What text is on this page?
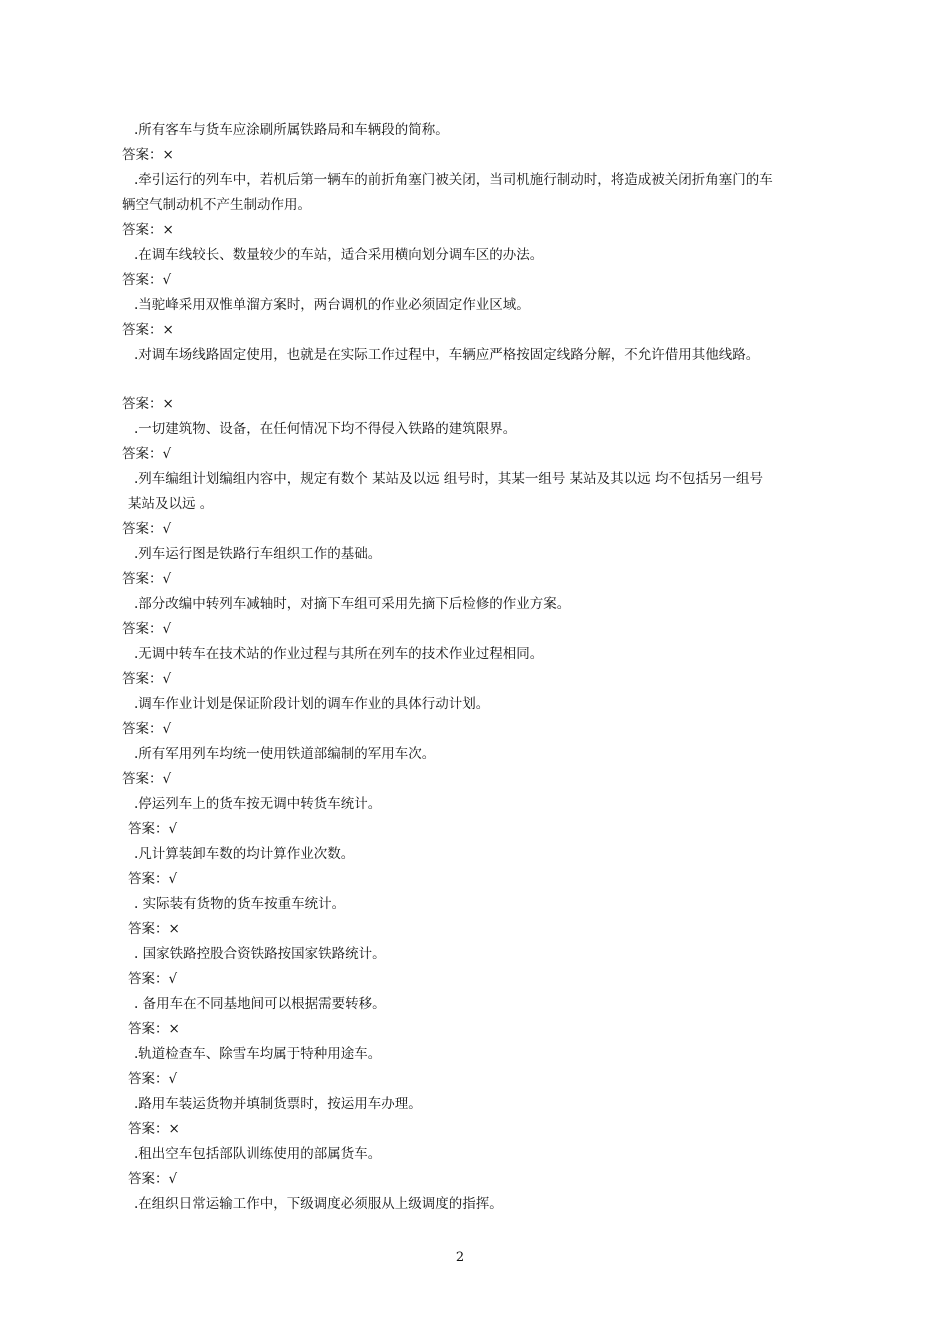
.所有客车与货车应涂刷所属铁路局和车辆段的简称。

答案：×

.牵引运行的列车中，若机后第一辆车的前折角塞门被关闭，当司机施行制动时，将造成被关闭折角塞门的车

辆空气制动机不产生制动作用。

答案：×

.在调车线较长、数量较少的车站，适合采用横向划分调车区的办法。

答案：√

.当驼峰采用双惟单溜方案时，两台调机的作业必须固定作业区域。

答案：×

.对调车场线路固定使用，也就是在实际工作过程中，车辆应严格按固定线路分解，不允许借用其他线路。

答案：×

.一切建筑物、设备，在任何情况下均不得侵入铁路的建筑限界。

答案：√

.列车编组计划编组内容中，规定有数个 某站及以远 组号时，其某一组号 某站及其以远 均不包括另一组号

某站及以远 。

答案：√

.列车运行图是铁路行车组织工作的基础。

答案：√

.部分改编中转列车减轴时，对摘下车组可采用先摘下后检修的作业方案。

答案：√

.无调中转车在技术站的作业过程与其所在列车的技术作业过程相同。

答案：√

.调车作业计划是保证阶段计划的调车作业的具体行动计划。

答案：√

.所有军用列车均统一使用铁道部编制的军用车次。

答案：√

.停运列车上的货车按无调中转货车统计。

答案：√

.凡计算装卸车数的均计算作业次数。

答案：√

. 实际装有货物的货车按重车统计。

答案：×

. 国家铁路控股合资铁路按国家铁路统计。

答案：√

. 备用车在不同基地间可以根据需要转移。

答案：×

.轨道检查车、除雪车均属于特种用途车。

答案：√

.路用车装运货物并填制货票时，按运用车办理。

答案：×

.租出空车包括部队训练使用的部属货车。

答案：√

.在组织日常运输工作中，下级调度必须服从上级调度的指挥。

2
